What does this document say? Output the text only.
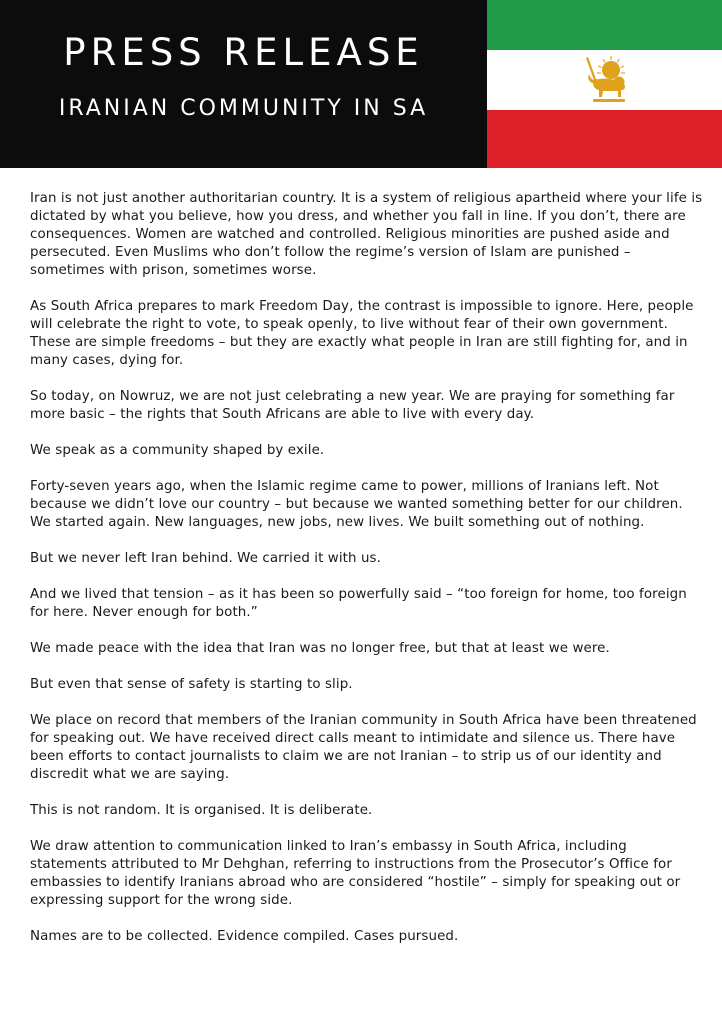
PRESS RELEASE
IRANIAN COMMUNITY IN SA

Iran is not just another authoritarian country. It is a system of religious apartheid where your life is dictated by what you believe, how you dress, and whether you fall in line. If you don’t, there are consequences. Women are watched and controlled. Religious minorities are pushed aside and persecuted. Even Muslims who don’t follow the regime’s version of Islam are punished – sometimes with prison, sometimes worse.

As South Africa prepares to mark Freedom Day, the contrast is impossible to ignore. Here, people will celebrate the right to vote, to speak openly, to live without fear of their own government. These are simple freedoms – but they are exactly what people in Iran are still fighting for, and in many cases, dying for.

So today, on Nowruz, we are not just celebrating a new year. We are praying for something far more basic – the rights that South Africans are able to live with every day.

We speak as a community shaped by exile.

Forty-seven years ago, when the Islamic regime came to power, millions of Iranians left. Not because we didn’t love our country – but because we wanted something better for our children. We started again. New languages, new jobs, new lives. We built something out of nothing.

But we never left Iran behind. We carried it with us.

And we lived that tension – as it has been so powerfully said – “too foreign for home, too foreign for here. Never enough for both.”

We made peace with the idea that Iran was no longer free, but that at least we were.

But even that sense of safety is starting to slip.

We place on record that members of the Iranian community in South Africa have been threatened for speaking out. We have received direct calls meant to intimidate and silence us. There have been efforts to contact journalists to claim we are not Iranian – to strip us of our identity and discredit what we are saying.

This is not random. It is organised. It is deliberate.

We draw attention to communication linked to Iran’s embassy in South Africa, including statements attributed to Mr Dehghan, referring to instructions from the Prosecutor’s Office for embassies to identify Iranians abroad who are considered “hostile” – simply for speaking out or expressing support for the wrong side.

Names are to be collected. Evidence compiled. Cases pursued.
